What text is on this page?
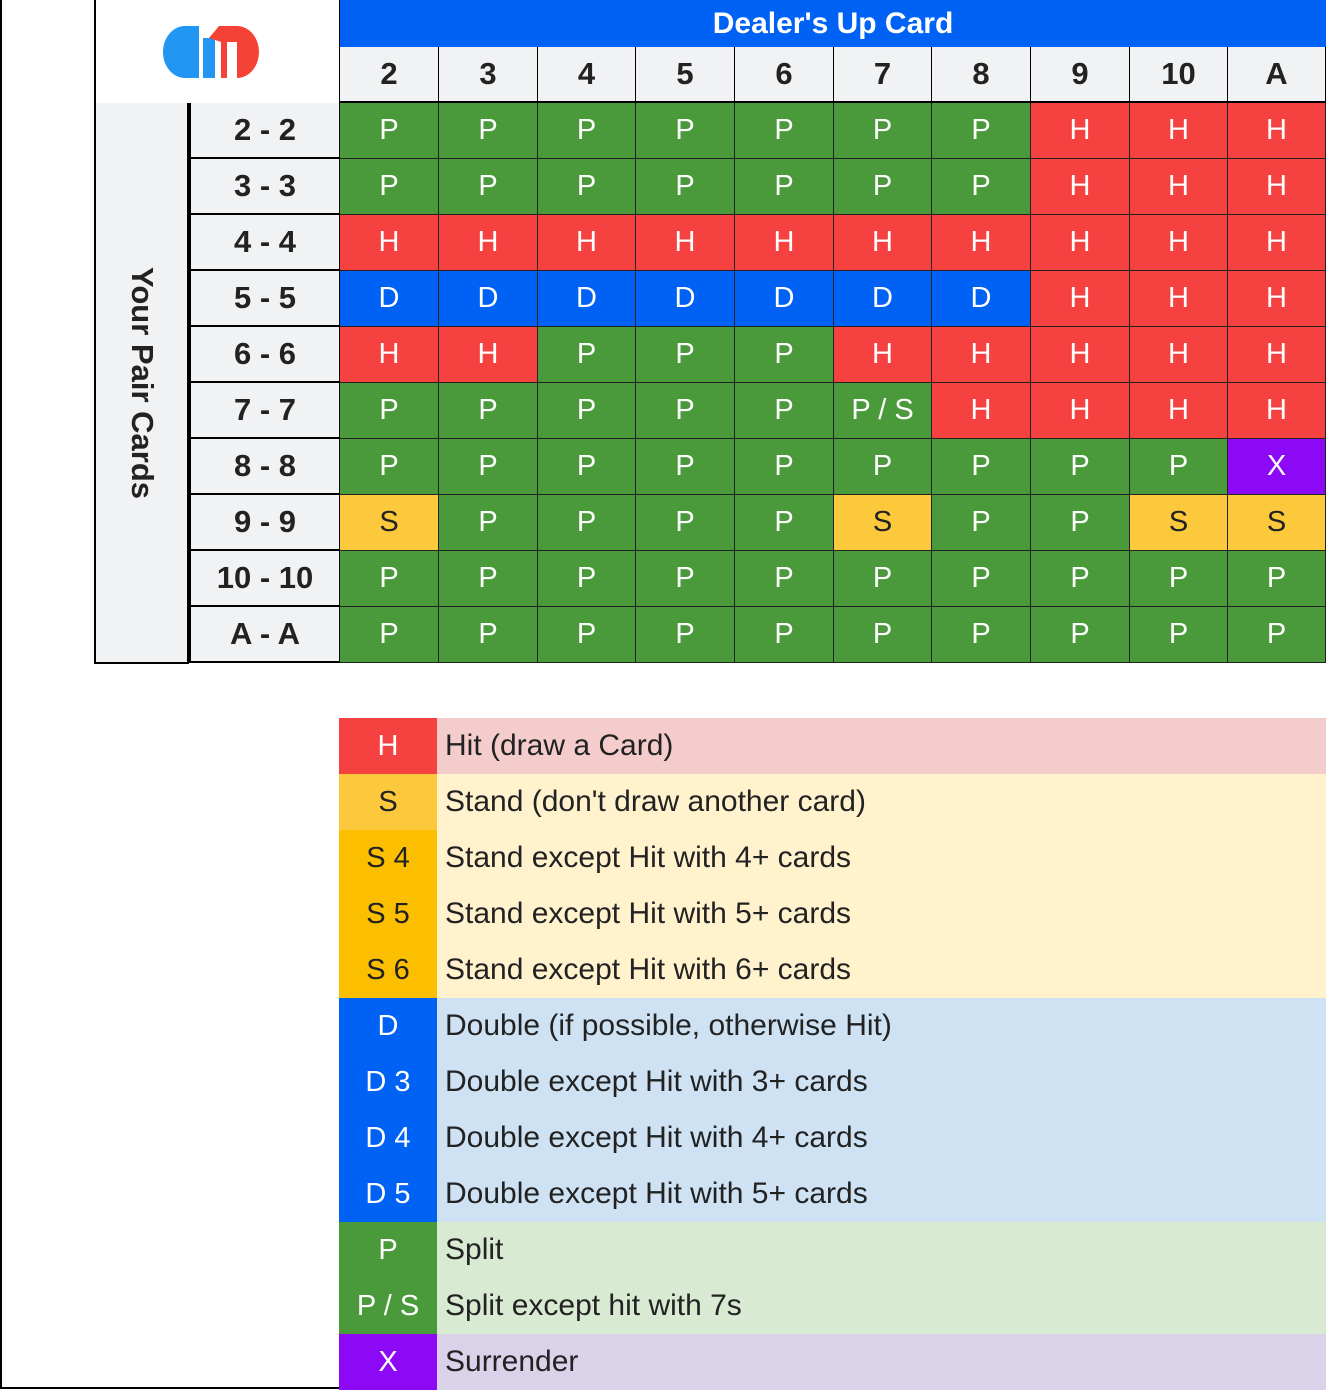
Dealer's Up Card
Your Pair Cards
2	3	4	5	6	7	8	9	10	A
2 - 2	P	P	P	P	P	P	P	H	H	H
3 - 3	P	P	P	P	P	P	P	H	H	H
4 - 4	H	H	H	H	H	H	H	H	H	H
5 - 5	D	D	D	D	D	D	D	H	H	H
6 - 6	H	H	P	P	P	H	H	H	H	H
7 - 7	P	P	P	P	P	P / S	H	H	H	H
8 - 8	P	P	P	P	P	P	P	P	P	X
9 - 9	S	P	P	P	P	S	P	P	S	S
10 - 10	P	P	P	P	P	P	P	P	P	P
A - A	P	P	P	P	P	P	P	P	P	P
H	Hit (draw a Card)
S	Stand (don't draw another card)
S 4	Stand except Hit with 4+ cards
S 5	Stand except Hit with 5+ cards
S 6	Stand except Hit with 6+ cards
D	Double (if possible, otherwise Hit)
D 3	Double except Hit with 3+ cards
D 4	Double except Hit with 4+ cards
D 5	Double except Hit with 5+ cards
P	Split
P / S Split except hit with 7s
X	Surrender
